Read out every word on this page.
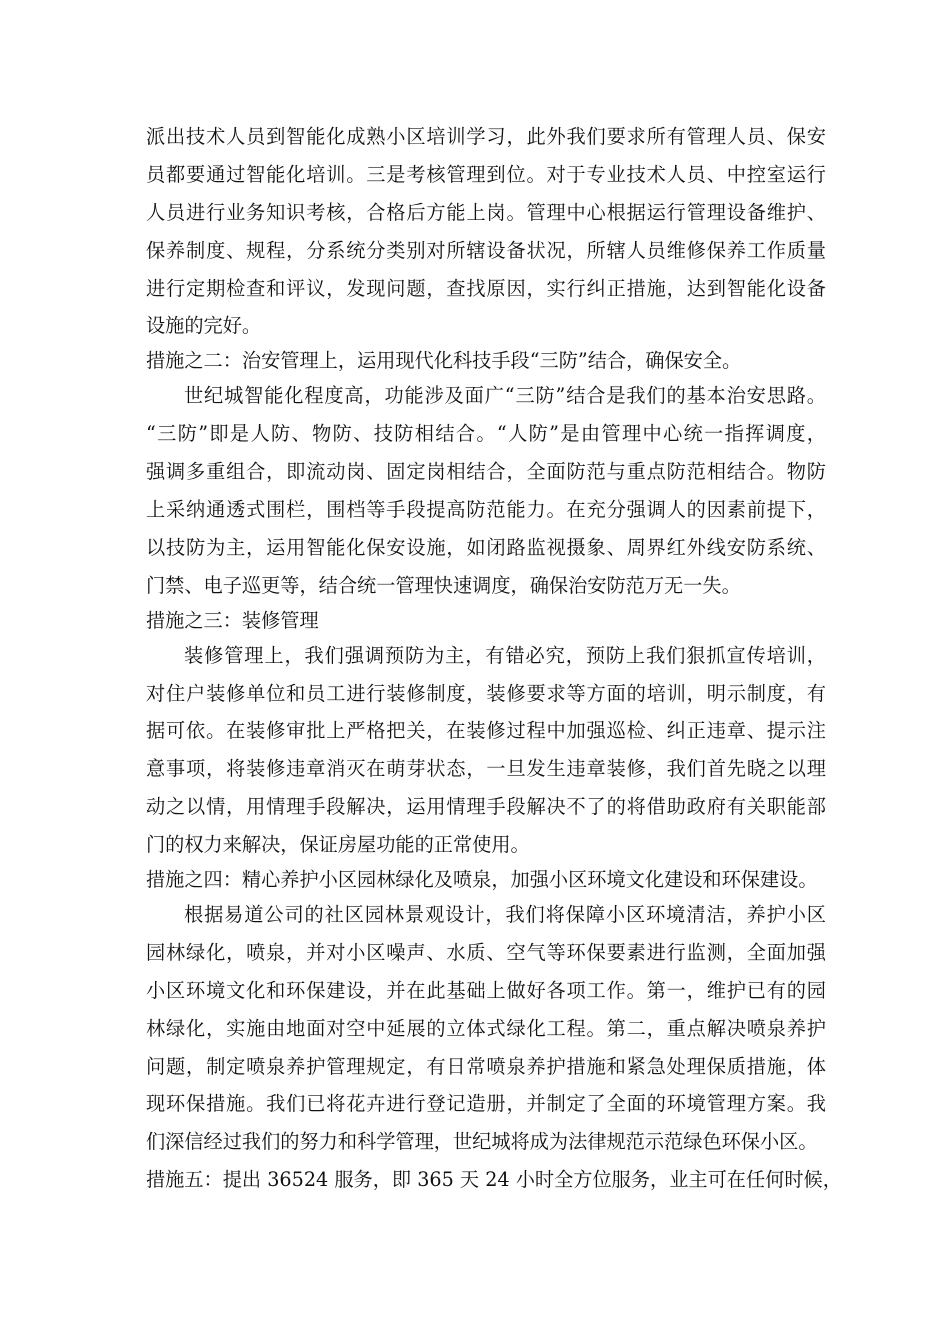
派出技术人员到智能化成熟小区培训学习，此外我们要求所有管理人员、保安
员都要通过智能化培训。三是考核管理到位。对于专业技术人员、中控室运行
人员进行业务知识考核，合格后方能上岗。管理中心根据运行管理设备维护、
保养制度、规程，分系统分类别对所辖设备状况，所辖人员维修保养工作质量
进行定期检查和评议，发现问题，查找原因，实行纠正措施，达到智能化设备
设施的完好。
措施之二：治安管理上，运用现代化科技手段“三防”结合，确保安全。
世纪城智能化程度高，功能涉及面广“三防”结合是我们的基本治安思路。
“三防”即是人防、物防、技防相结合。“人防”是由管理中心统一指挥调度，
强调多重组合，即流动岗、固定岗相结合，全面防范与重点防范相结合。物防
上采纳通透式围栏，围档等手段提高防范能力。在充分强调人的因素前提下，
以技防为主，运用智能化保安设施，如闭路监视摄象、周界红外线安防系统、
门禁、电子巡更等，结合统一管理快速调度，确保治安防范万无一失。
措施之三：装修管理
装修管理上，我们强调预防为主，有错必究，预防上我们狠抓宣传培训，
对住户装修单位和员工进行装修制度，装修要求等方面的培训，明示制度，有
据可依。在装修审批上严格把关，在装修过程中加强巡检、纠正违章、提示注
意事项，将装修违章消灭在萌芽状态，一旦发生违章装修，我们首先晓之以理
动之以情，用情理手段解决，运用情理手段解决不了的将借助政府有关职能部
门的权力来解决，保证房屋功能的正常使用。
措施之四：精心养护小区园林绿化及喷泉，加强小区环境文化建设和环保建设。
根据易道公司的社区园林景观设计，我们将保障小区环境清洁，养护小区
园林绿化，喷泉，并对小区噪声、水质、空气等环保要素进行监测，全面加强
小区环境文化和环保建设，并在此基础上做好各项工作。第一，维护已有的园
林绿化，实施由地面对空中延展的立体式绿化工程。第二，重点解决喷泉养护
问题，制定喷泉养护管理规定，有日常喷泉养护措施和紧急处理保质措施，体
现环保措施。我们已将花卉进行登记造册，并制定了全面的环境管理方案。我
们深信经过我们的努力和科学管理，世纪城将成为法律规范示范绿色环保小区。
措施五：提出 36524 服务，即 365 天 24 小时全方位服务，业主可在任何时候，
